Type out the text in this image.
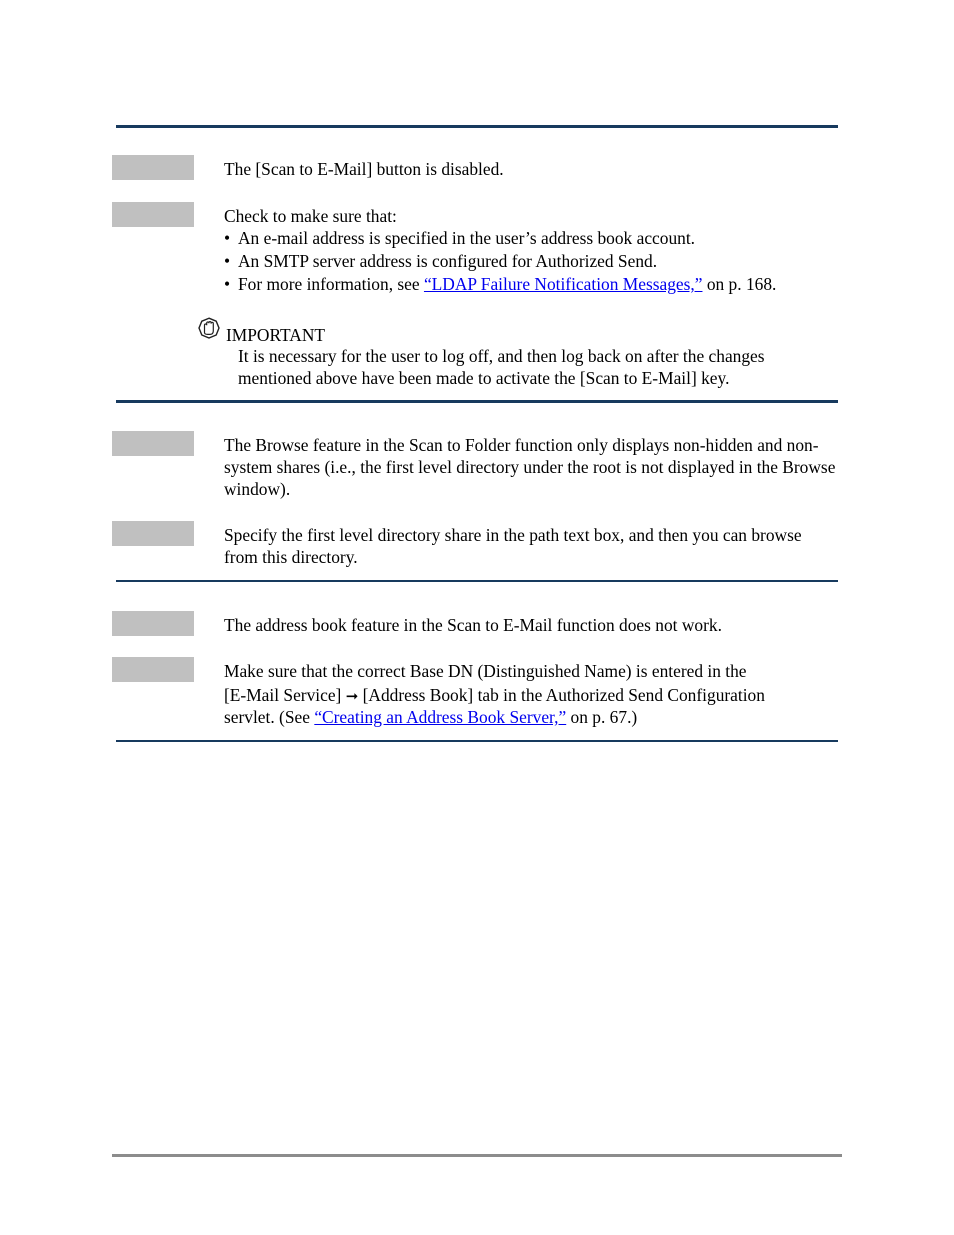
The [Scan to E-Mail] button is disabled.

Check to make sure that:

• An e-mail address is specified in the user’s address book account.
• An SMTP server address is configured for Authorized Send.
• For more information, see “LDAP Failure Notification Messages,” on p. 168.
IMPORTANT

It is necessary for the user to log off, and then log back on after the changes

mentioned above have been made to activate the [Scan to E-Mail] key.

The Browse feature in the Scan to Folder function only displays non-hidden and non-system shares (i.e., the first level directory under the root is not displayed in the Browse window).

Specify the first level directory share in the path text box, and then you can browse from this directory.

The address book feature in the Scan to E-Mail function does not work.

Make sure that the correct Base DN (Distinguished Name) is entered in the

[E-Mail Service] ➞ [Address Book] tab in the Authorized Send Configuration

servlet. (See “Creating an Address Book Server,” on p. 67.)
